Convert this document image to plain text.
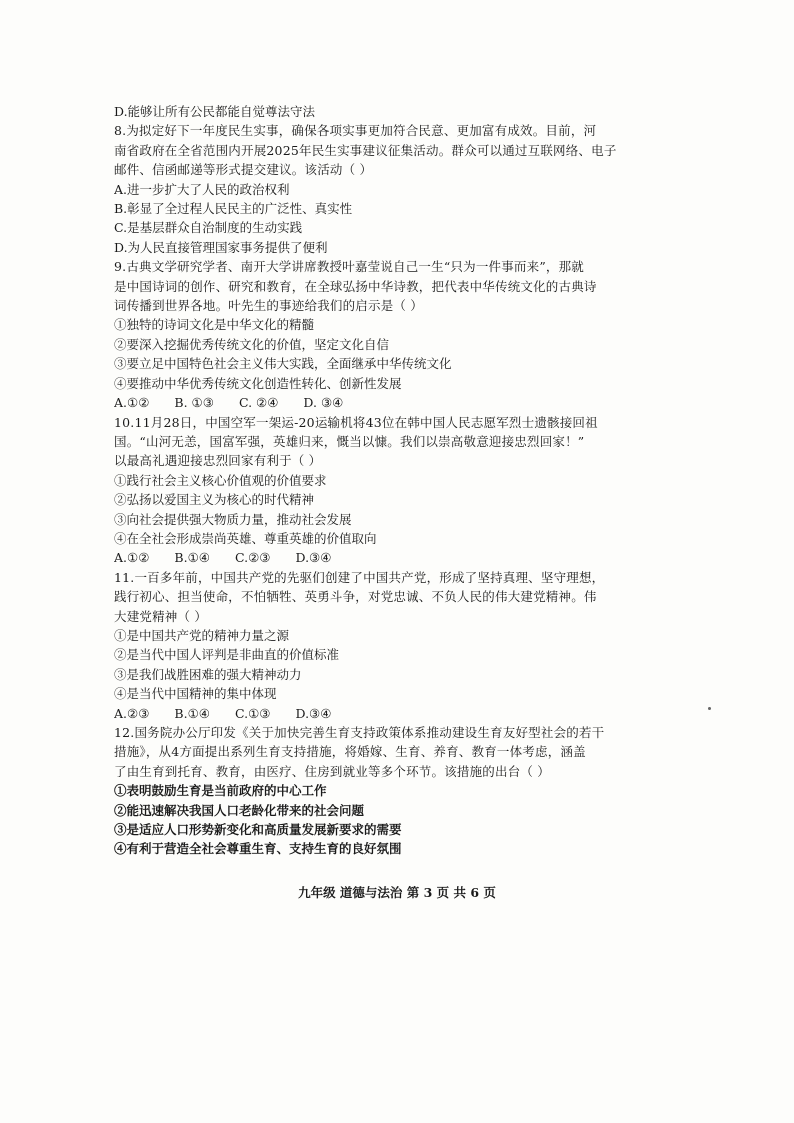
D.能够让所有公民都能自觉尊法守法
8.为拟定好下一年度民生实事，确保各项实事更加符合民意、更加富有成效。目前，河
南省政府在全省范围内开展2025年民生实事建议征集活动。群众可以通过互联网络、电子
邮件、信函邮递等形式提交建议。该活动（ ）
A.进一步扩大了人民的政治权利
B.彰显了全过程人民民主的广泛性、真实性
C.是基层群众自治制度的生动实践
D.为人民直接管理国家事务提供了便利
9.古典文学研究学者、南开大学讲席教授叶嘉莹说自己一生“只为一件事而来”，那就
是中国诗词的创作、研究和教育，在全球弘扬中华诗教，把代表中华传统文化的古典诗
词传播到世界各地。叶先生的事迹给我们的启示是（ ）
①独特的诗词文化是中华文化的精髓
②要深入挖掘优秀传统文化的价值，坚定文化自信
③要立足中国特色社会主义伟大实践，全面继承中华传统文化
④要推动中华优秀传统文化创造性转化、创新性发展
A.①②　　B. ①③　　C. ②④　　D. ③④
10.11月28日，中国空军一架运-20运输机将43位在韩中国人民志愿军烈士遗骸接回祖
国。“山河无恙，国富军强，英雄归来，慨当以慷。我们以崇高敬意迎接忠烈回家！”
以最高礼遇迎接忠烈回家有利于（ ）
①践行社会主义核心价值观的价值要求
②弘扬以爱国主义为核心的时代精神
③向社会提供强大物质力量，推动社会发展
④在全社会形成崇尚英雄、尊重英雄的价值取向
A.①②　　B.①④　　C.②③　　D.③④
11.一百多年前，中国共产党的先驱们创建了中国共产党，形成了坚持真理、坚守理想，
践行初心、担当使命，不怕牺牲、英勇斗争，对党忠诚、不负人民的伟大建党精神。伟
大建党精神（ ）
①是中国共产党的精神力量之源
②是当代中国人评判是非曲直的价值标准
③是我们战胜困难的强大精神动力
④是当代中国精神的集中体现
A.②③　　B.①④　　C.①③　　D.③④
12.国务院办公厅印发《关于加快完善生育支持政策体系推动建设生育友好型社会的若干
措施》，从4方面提出系列生育支持措施，将婚嫁、生育、养育、教育一体考虑，涵盖
了由生育到托育、教育，由医疗、住房到就业等多个环节。该措施的出台（ ）
①表明鼓励生育是当前政府的中心工作
②能迅速解决我国人口老龄化带来的社会问题
③是适应人口形势新变化和高质量发展新要求的需要
④有利于营造全社会尊重生育、支持生育的良好氛围
九年级 道德与法治 第 3 页 共 6 页
